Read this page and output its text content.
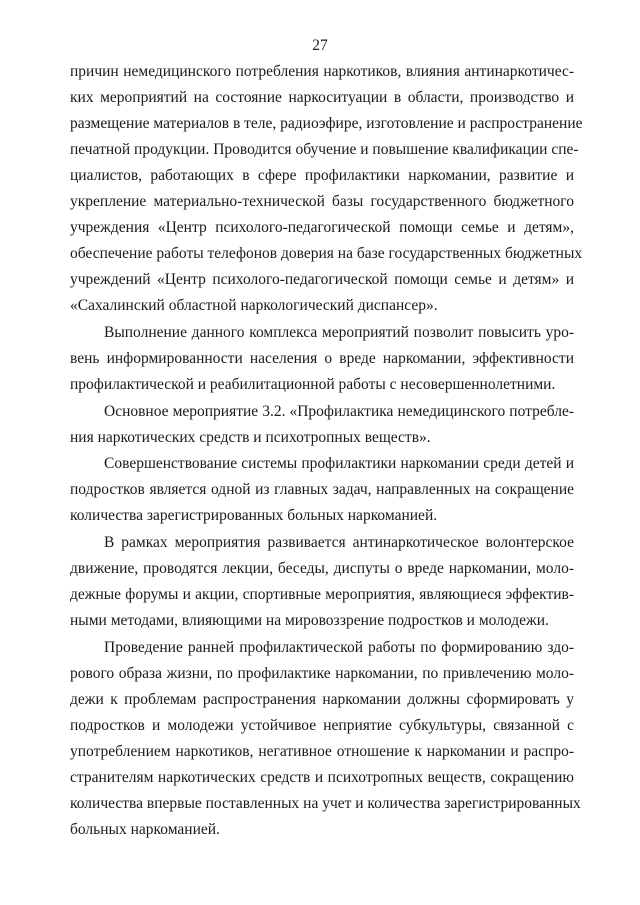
27
причин немедицинского потребления наркотиков, влияния антинаркотичес-
ких мероприятий на состояние наркоситуации в области, производство и
размещение материалов в теле, радиоэфире, изготовление и распространение
печатной продукции. Проводится обучение и повышение квалификации спе-
циалистов, работающих в сфере профилактики наркомании, развитие и
укрепление материально-технической базы государственного бюджетного
учреждения «Центр психолого-педагогической помощи семье и детям»,
обеспечение работы телефонов доверия на базе государственных бюджетных
учреждений «Центр психолого-педагогической помощи семье и детям» и
«Сахалинский областной наркологический диспансер».
Выполнение данного комплекса мероприятий позволит повысить уро-
вень информированности населения о вреде наркомании, эффективности
профилактической и реабилитационной работы с несовершеннолетними.
Основное мероприятие 3.2. «Профилактика немедицинского потребле-
ния наркотических средств и психотропных веществ».
Совершенствование системы профилактики наркомании среди детей и
подростков является одной из главных задач, направленных на сокращение
количества зарегистрированных больных наркоманией.
В рамках мероприятия развивается антинаркотическое волонтерское
движение, проводятся лекции, беседы, диспуты о вреде наркомании, моло-
дежные форумы и акции, спортивные мероприятия, являющиеся эффектив-
ными методами, влияющими на мировоззрение подростков и молодежи.
Проведение ранней профилактической работы по формированию здо-
рового образа жизни, по профилактике наркомании, по привлечению моло-
дежи к проблемам распространения наркомании должны сформировать у
подростков и молодежи устойчивое неприятие субкультуры, связанной с
употреблением наркотиков, негативное отношение к наркомании и распро-
странителям наркотических средств и психотропных веществ, сокращению
количества впервые поставленных на учет и количества зарегистрированных
больных наркоманией.
